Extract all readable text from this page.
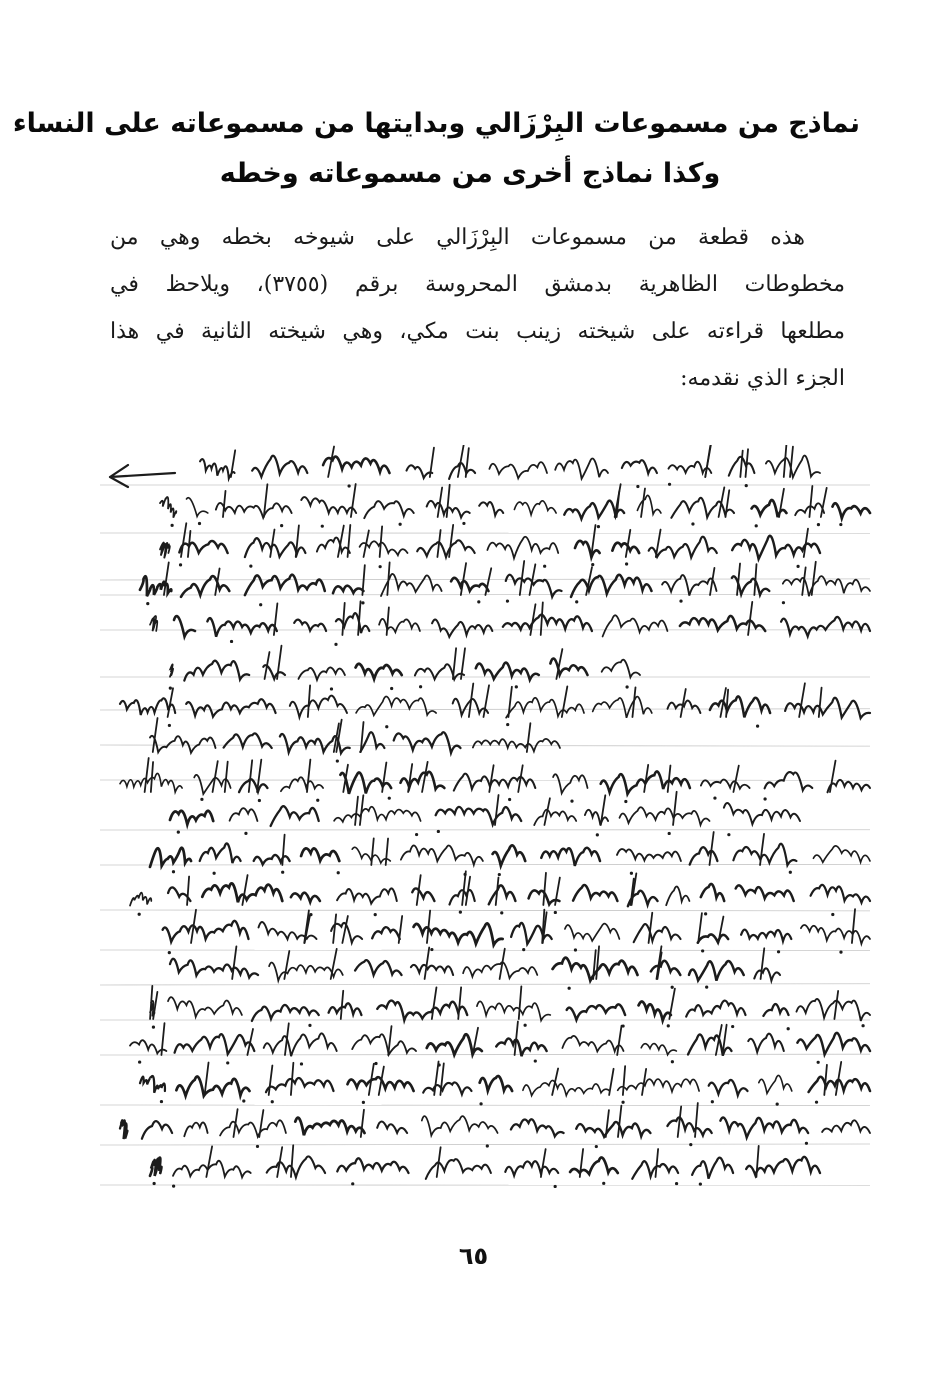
نماذج من مسموعات البِرْزَالي وبدايتها من مسموعاته على النساء
وكذا نماذج أخرى من مسموعاته وخطه
هذه قطعة من مسموعات البِرْزَالي على شيوخه بخطه وهي من
مخطوطات الظاهرية بدمشق المحروسة برقم (٣٧٥٥)، ويلاحظ في
مطلعها قراءته على شيخته زينب بنت مكي، وهي شيخته الثانية في هذا
الجزء الذي نقدمه:
٦٥
